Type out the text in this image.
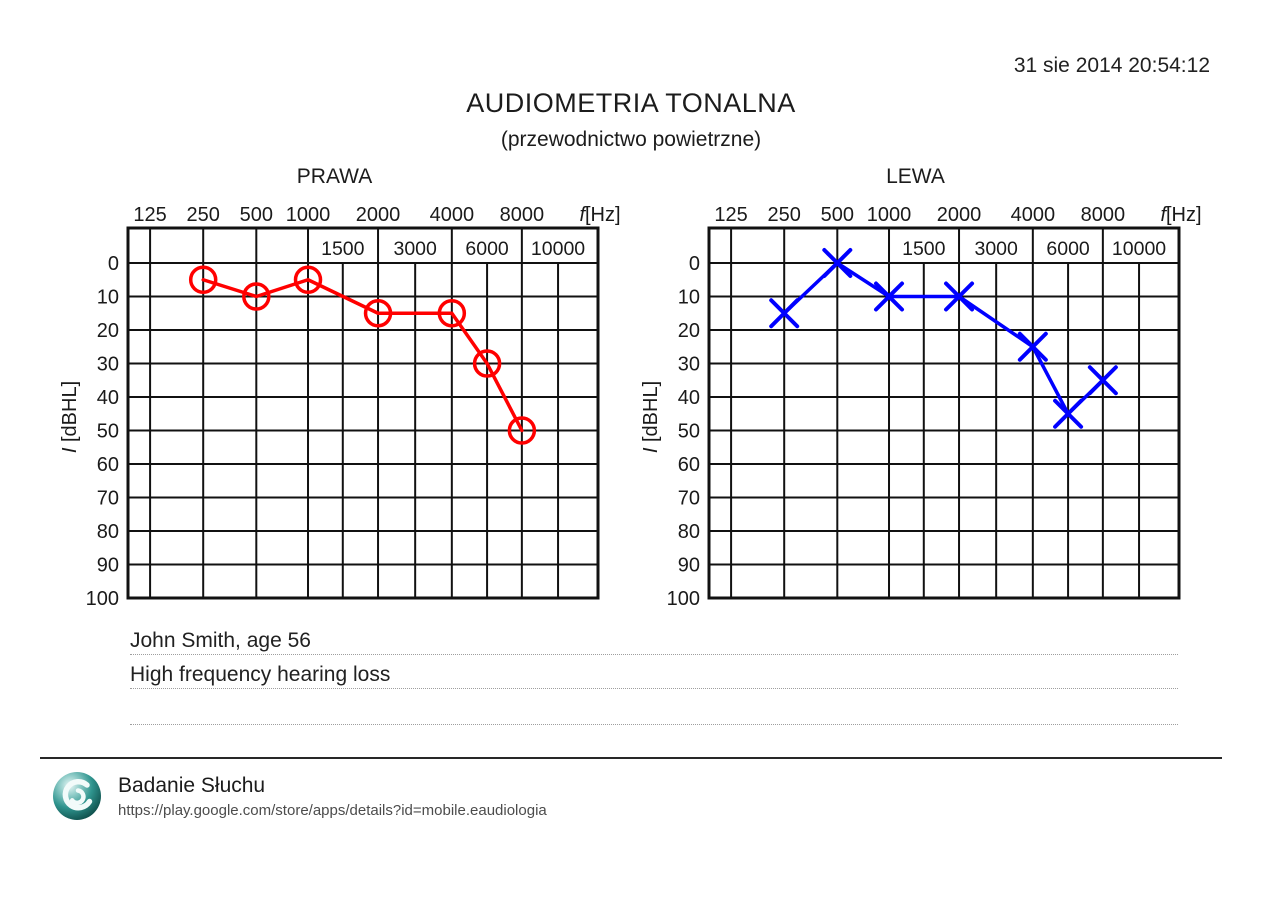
31 sie 2014 20:54:12
AUDIOMETRIA TONALNA
(przewodnictwo powietrzne)
PRAWA	LEWA
125 250 500 1000 2000 4000 8000 f[Hz]
1500 3000 6000 10000
0
10
20
30
40
50
60
70
80
90
100
I [dBHL]
125 250 500 1000 2000 4000 8000 f[Hz]
1500 3000 6000 10000
0
10
20
30
40
50
60
70
80
90
100
I [dBHL]
John Smith, age 56
High frequency hearing loss
Badanie Słuchu
https://play.google.com/store/apps/details?id=mobile.eaudiologia
